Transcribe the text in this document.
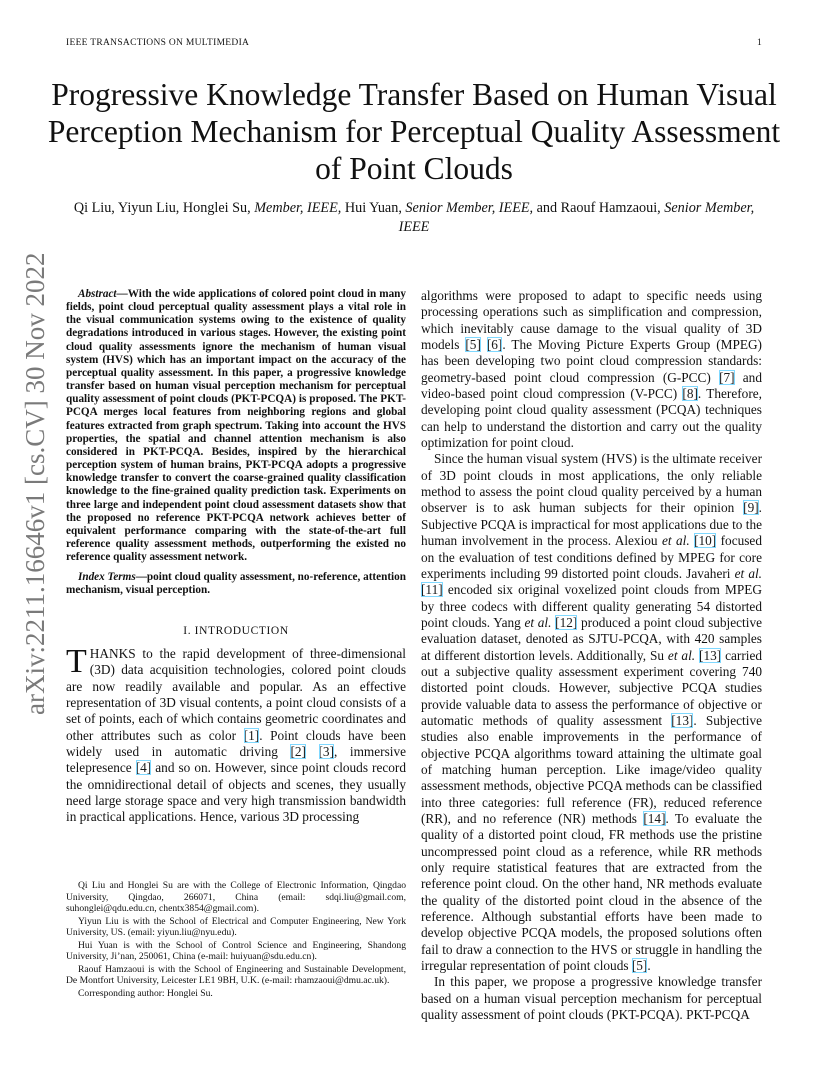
IEEE TRANSACTIONS ON MULTIMEDIA	1
Progressive Knowledge Transfer Based on Human Visual Perception Mechanism for Perceptual Quality Assessment of Point Clouds
Qi Liu, Yiyun Liu, Honglei Su, Member, IEEE, Hui Yuan, Senior Member, IEEE, and Raouf Hamzaoui, Senior Member, IEEE
arXiv:2211.16646v1 [cs.CV] 30 Nov 2022	Abstract—With the wide applications of colored point cloud in many fields, point cloud perceptual quality assessment plays a vital role in the visual communication systems owing to the existence of quality degradations introduced in various stages. However, the existing point cloud quality assessments ignore the mechanism of human visual system (HVS) which has an important impact on the accuracy of the perceptual quality assessment. In this paper, a progressive knowledge transfer based on human visual perception mechanism for perceptual quality assessment of point clouds (PKT-PCQA) is proposed. The PKT-PCQA merges local features from neighboring regions and global features extracted from graph spectrum. Taking into account the HVS properties, the spatial and channel attention mechanism is also considered in PKT-PCQA. Besides, inspired by the hierarchical perception system of human brains, PKT-PCQA adopts a progressive knowledge transfer to convert the coarse-grained quality classification knowledge to the fine-grained quality prediction task. Experiments on three large and independent point cloud assessment datasets show that the proposed no reference PKT-PCQA network achieves better of equivalent performance comparing with the state-of-the-art full reference quality assessment methods, outperforming the existed no reference quality assessment network.
Index Terms—point cloud quality assessment, no-reference, attention mechanism, visual perception.
I. INTRODUCTION

THANKS to the rapid development of three-dimensional (3D) data acquisition technologies, colored point clouds are now readily available and popular. As an effective representation of 3D visual contents, a point cloud consists of a set of points, each of which contains geometric coordinates and other attributes such as color [1]. Point clouds have been widely used in automatic driving [2] [3], immersive telepresence [4] and so on. However, since point clouds record the omnidirectional detail of objects and scenes, they usually need large storage space and very high transmission bandwidth in practical applications. Hence, various 3D processing

Qi Liu and Honglei Su are with the College of Electronic Information, Qingdao University, Qingdao, 266071, China (email: sdqi.liu@gmail.com, suhonglei@qdu.edu.cn, chentx3854@gmail.com).

Yiyun Liu is with the School of Electrical and Computer Engineering, New York University, US. (email: yiyun.liu@nyu.edu).

Hui Yuan is with the School of Control Science and Engineering, Shandong University, Ji’nan, 250061, China (e-mail: huiyuan@sdu.edu.cn).

Raouf Hamzaoui is with the School of Engineering and Sustainable Development, De Montfort University, Leicester LE1 9BH, U.K. (e-mail: rhamzaoui@dmu.ac.uk).

Corresponding author: Honglei Su.

algorithms were proposed to adapt to specific needs using processing operations such as simplification and compression, which inevitably cause damage to the visual quality of 3D models [5] [6]. The Moving Picture Experts Group (MPEG) has been developing two point cloud compression standards: geometry-based point cloud compression (G-PCC) [7] and video-based point cloud compression (V-PCC) [8]. Therefore, developing point cloud quality assessment (PCQA) techniques can help to understand the distortion and carry out the quality optimization for point cloud.

Since the human visual system (HVS) is the ultimate receiver of 3D point clouds in most applications, the only reliable method to assess the point cloud quality perceived by a human observer is to ask human subjects for their opinion [9]. Subjective PCQA is impractical for most applications due to the human involvement in the process. Alexiou et al. [10] focused on the evaluation of test conditions defined by MPEG for core experiments including 99 distorted point clouds. Javaheri et al. [11] encoded six original voxelized point clouds from MPEG by three codecs with different quality generating 54 distorted point clouds. Yang et al. [12] produced a point cloud subjective evaluation dataset, denoted as SJTU-PCQA, with 420 samples at different distortion levels. Additionally, Su et al. [13] carried out a subjective quality assessment experiment covering 740 distorted point clouds. However, subjective PCQA studies provide valuable data to assess the performance of objective or automatic methods of quality assessment [13]. Subjective studies also enable improvements in the performance of objective PCQA algorithms toward attaining the ultimate goal of matching human perception. Like image/video quality assessment methods, objective PCQA methods can be classified into three categories: full reference (FR), reduced reference (RR), and no reference (NR) methods [14]. To evaluate the quality of a distorted point cloud, FR methods use the pristine uncompressed point cloud as a reference, while RR methods only require statistical features that are extracted from the reference point cloud. On the other hand, NR methods evaluate the quality of the distorted point cloud in the absence of the reference. Although substantial efforts have been made to develop objective PCQA models, the proposed solutions often fail to draw a connection to the HVS or struggle in handling the irregular representation of point clouds [5].

In this paper, we propose a progressive knowledge transfer based on a human visual perception mechanism for perceptual quality assessment of point clouds (PKT-PCQA). PKT-PCQA
